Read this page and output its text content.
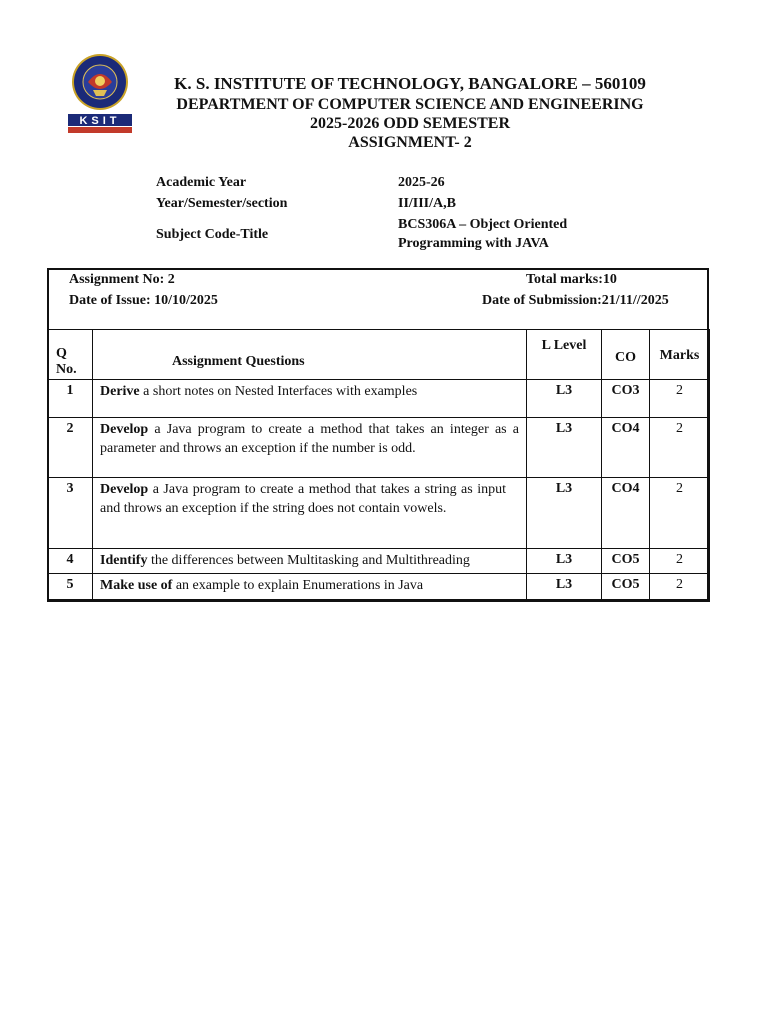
KSIT
K. S. INSTITUTE OF TECHNOLOGY, BANGALORE – 560109
DEPARTMENT OF COMPUTER SCIENCE AND ENGINEERING
2025-2026 ODD SEMESTER
ASSIGNMENT- 2
Academic Year	2025-26
Year/Semester/section	II/III/A,B
Subject Code-Title
BCS306A – Object Oriented
Programming with JAVA
Assignment No: 2	Total marks:10
Date of Issue: 10/10/2025	Date of Submission:21/11//2025
Q
No.	Assignment Questions	L Level	CO	Marks
1	Derive a short notes on Nested Interfaces with examples	L3	CO3	2
2	Develop a Java program to create a method that takes an integer as a parameter and throws an exception if the number is odd.	L3	CO4	2
3	Develop a Java program to create a method that takes a string as input and throws an exception if the string does not contain vowels.	L3	CO4	2
4	Identify the differences between Multitasking and Multithreading	L3	CO5	2
5	Make use of an example to explain Enumerations in Java	L3	CO5	2
